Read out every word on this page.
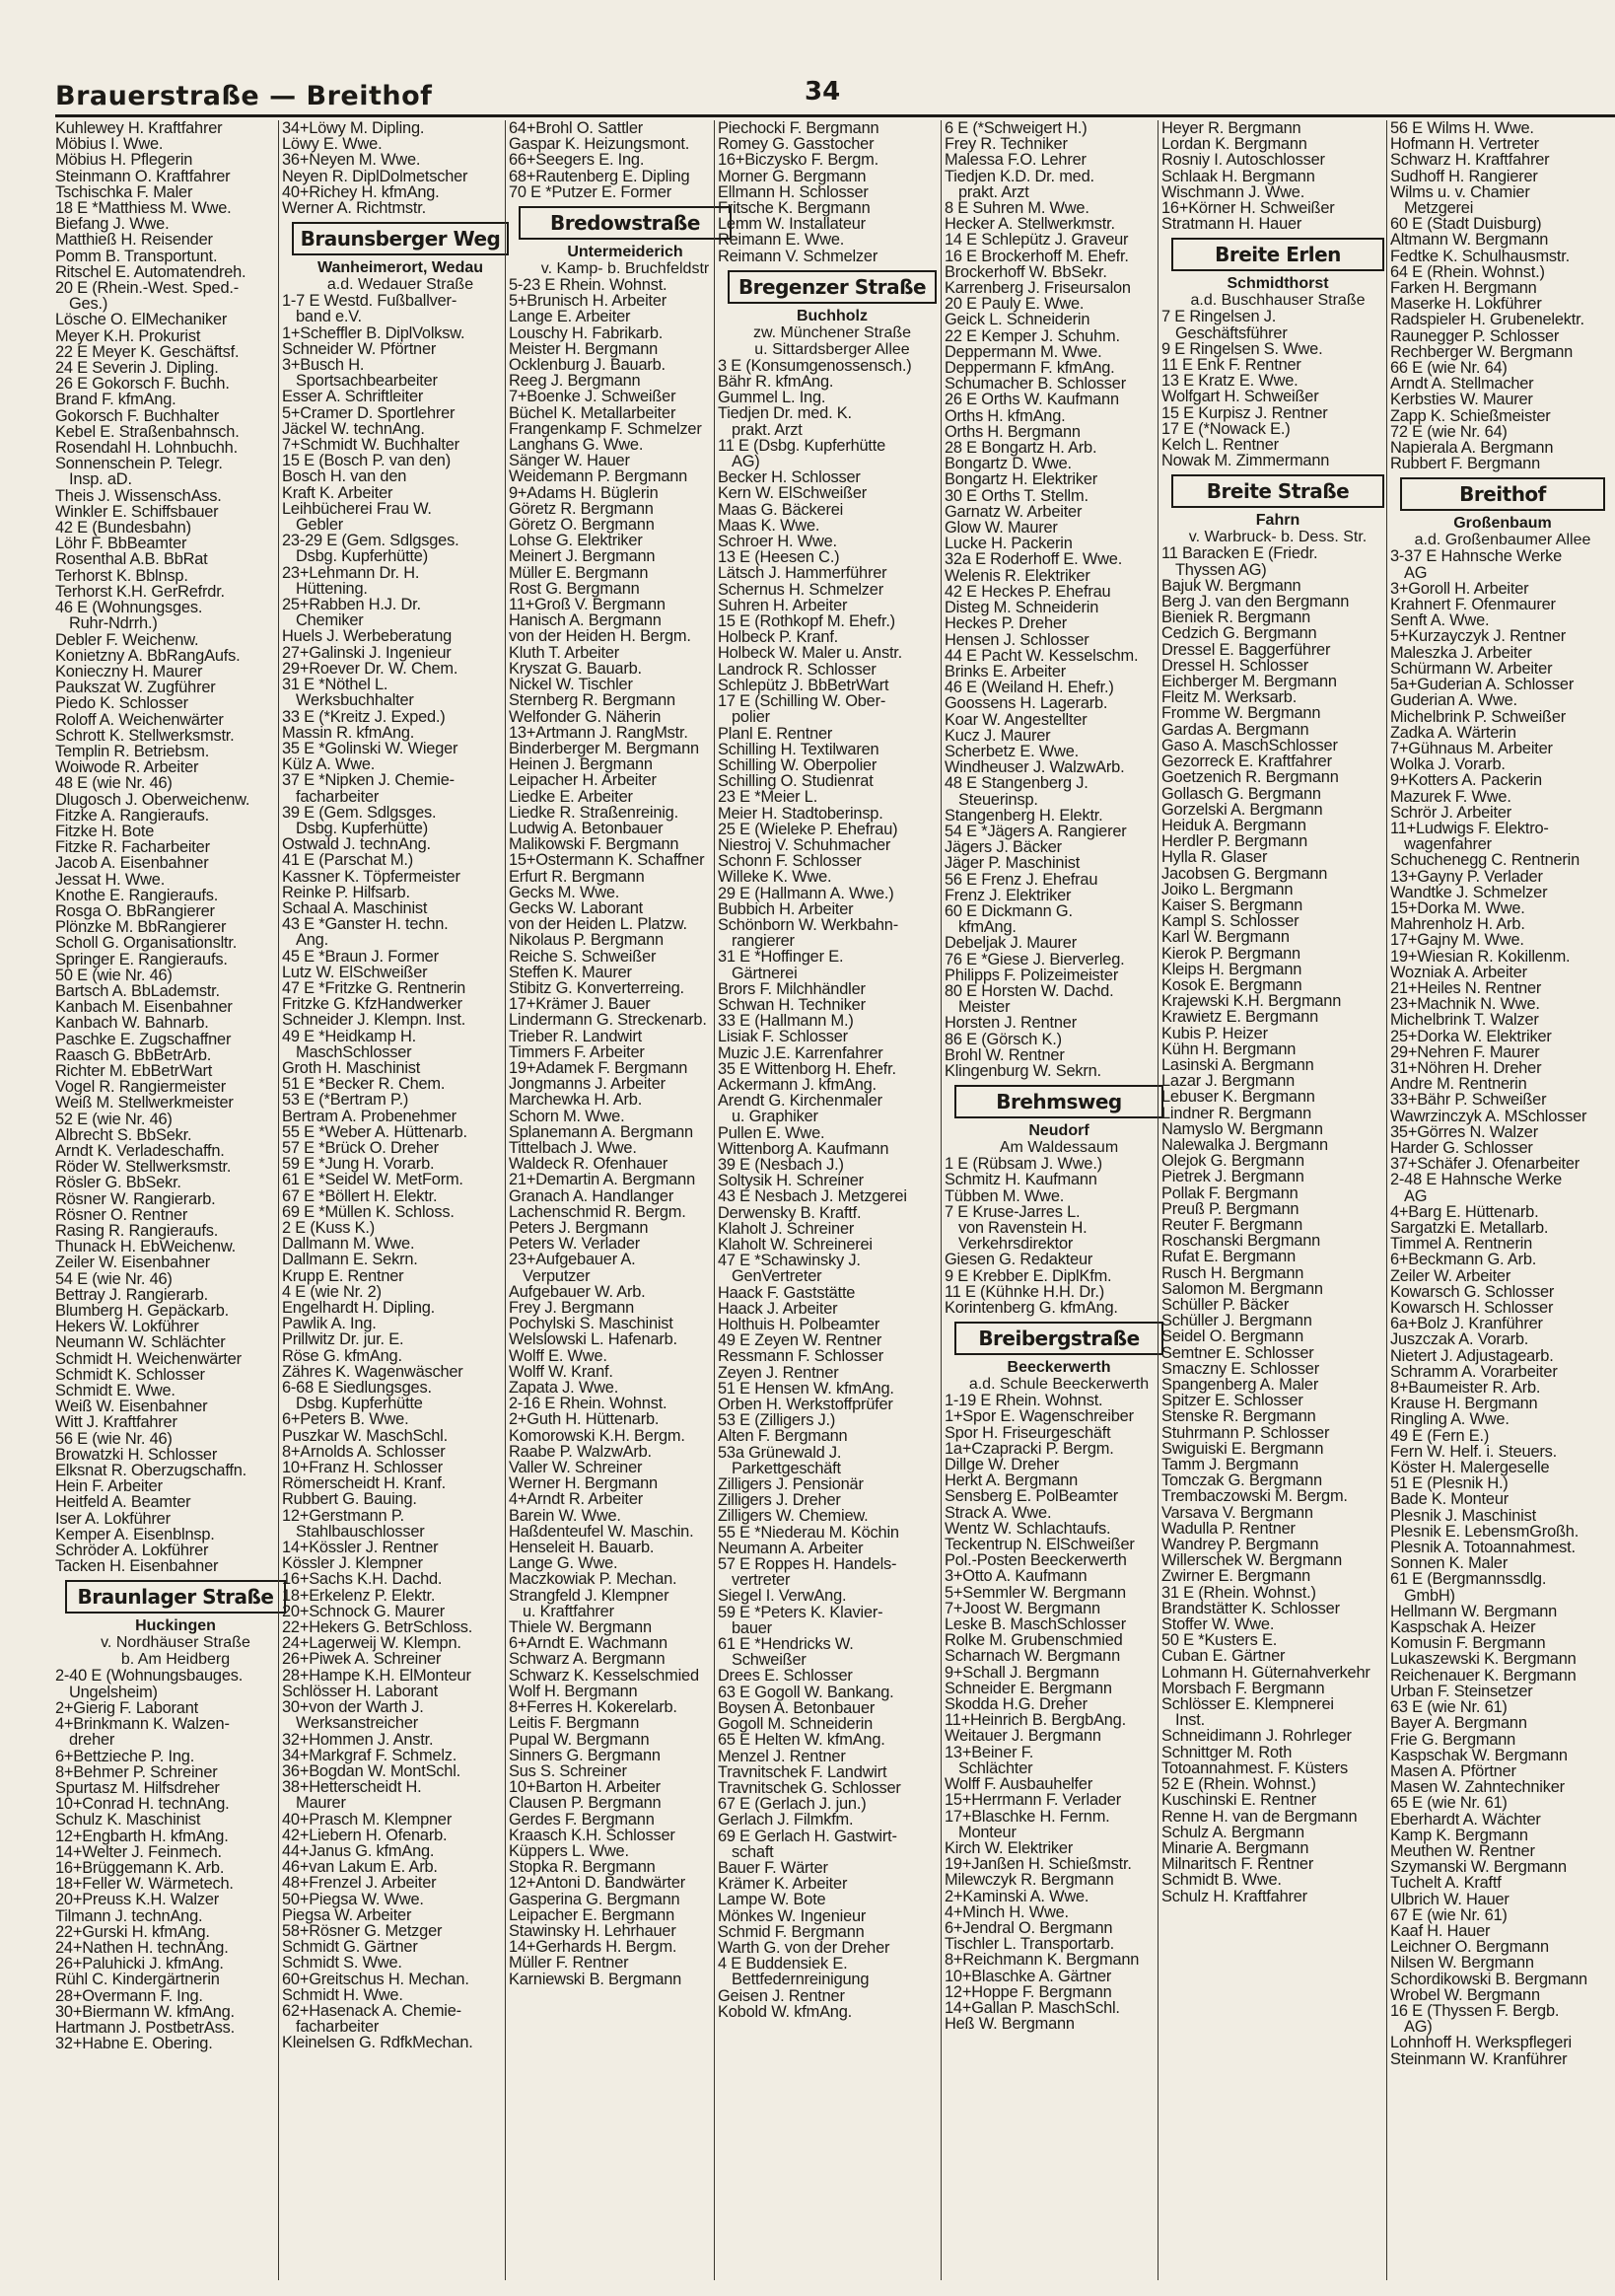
Brauerstraße — Breithof	34
Kuhlewey H. Kraftfahrer
Möbius I. Wwe.
Möbius H. Pflegerin
Steinmann O. Kraftfahrer
Tschischka F. Maler
18 E *Matthiess M. Wwe.
Biefang J. Wwe.
Matthieß H. Reisender
Pomm B. Transportunt.
Ritschel E. Automatendreh.
20 E (Rhein.-West. Sped.-
Ges.)
Lösche O. ElMechaniker
Meyer K.H. Prokurist
22 E Meyer K. Geschäftsf.
24 E Severin J. Dipling.
26 E Gokorsch F. Buchh.
Brand F. kfmAng.
Gokorsch F. Buchhalter
Kebel E. Straßenbahnsch.
Rosendahl H. Lohnbuchh.
Sonnenschein P. Telegr.
Insp. aD.
Theis J. WissenschAss.
Winkler E. Schiffsbauer
42 E (Bundesbahn)
Löhr F. BbBeamter
Rosenthal A.B. BbRat
Terhorst K. Bblnsp.
Terhorst K.H. GerRefrdr.
46 E (Wohnungsges.
Ruhr-Ndrrh.)
Debler F. Weichenw.
Konietzny A. BbRangAufs.
Konieczny H. Maurer
Paukszat W. Zugführer
Piedo K. Schlosser
Roloff A. Weichenwärter
Schrott K. Stellwerksmstr.
Templin R. Betriebsm.
Woiwode R. Arbeiter
48 E (wie Nr. 46)
Dlugosch J. Oberweichenw.
Fitzke A. Rangieraufs.
Fitzke H. Bote
Fitzke R. Facharbeiter
Jacob A. Eisenbahner
Jessat H. Wwe.
Knothe E. Rangieraufs.
Rosga O. BbRangierer
Plönzke M. BbRangierer
Scholl G. Organisationsltr.
Springer E. Rangieraufs.
50 E (wie Nr. 46)
Bartsch A. BbLademstr.
Kanbach M. Eisenbahner
Kanbach W. Bahnarb.
Paschke E. Zugschaffner
Raasch G. BbBetrArb.
Richter M. EbBetrWart
Vogel R. Rangiermeister
Weiß M. Stellwerkmeister
52 E (wie Nr. 46)
Albrecht S. BbSekr.
Arndt K. Verladeschaffn.
Röder W. Stellwerksmstr.
Rösler G. BbSekr.
Rösner W. Rangierarb.
Rösner O. Rentner
Rasing R. Rangieraufs.
Thunack H. EbWeichenw.
Zeiler W. Eisenbahner
54 E (wie Nr. 46)
Bettray J. Rangierarb.
Blumberg H. Gepäckarb.
Hekers W. Lokführer
Neumann W. Schlächter
Schmidt H. Weichenwärter
Schmidt K. Schlosser
Schmidt E. Wwe.
Weiß W. Eisenbahner
Witt J. Kraftfahrer
56 E (wie Nr. 46)
Browatzki H. Schlosser
Elksnat R. Oberzugschaffn.
Hein F. Arbeiter
Heitfeld A. Beamter
Iser A. Lokführer
Kemper A. Eisenblnsp.
Schröder A. Lokführer
Tacken H. Eisenbahner
Braunlager Straße
Huckingen
v. Nordhäuser Straße
b. Am Heidberg
2-40 E (Wohnungsbauges.
Ungelsheim)
2+Gierig F. Laborant
4+Brinkmann K. Walzen-
dreher
6+Bettzieche P. Ing.
8+Behmer P. Schreiner
Spurtasz M. Hilfsdreher
10+Conrad H. technAng.
Schulz K. Maschinist
12+Engbarth H. kfmAng.
14+Welter J. Feinmech.
16+Brüggemann K. Arb.
18+Feller W. Wärmetech.
20+Preuss K.H. Walzer
Tilmann J. technAng.
22+Gurski H. kfmAng.
24+Nathen H. technAng.
26+Paluhicki J. kfmAng.
Rühl C. Kindergärtnerin
28+Overmann F. Ing.
30+Biermann W. kfmAng.
Hartmann J. PostbetrAss.
32+Habne E. Obering.
34+Löwy M. Dipling.
Löwy E. Wwe.
36+Neyen M. Wwe.
Neyen R. DiplDolmetscher
40+Richey H. kfmAng.
Werner A. Richtmstr.
Braunsberger Weg
Wanheimerort, Wedau
a.d. Wedauer Straße
1-7 E Westd. Fußballver-
band e.V.
1+Scheffler B. DiplVolksw.
Schneider W. Pförtner
3+Busch H.
Sportsachbearbeiter
Esser A. Schriftleiter
5+Cramer D. Sportlehrer
Jäckel W. technAng.
7+Schmidt W. Buchhalter
15 E (Bosch P. van den)
Bosch H. van den
Kraft K. Arbeiter
Leihbücherei Frau W.
Gebler
23-29 E (Gem. Sdlgsges.
Dsbg. Kupferhütte)
23+Lehmann Dr. H.
Hüttening.
25+Rabben H.J. Dr.
Chemiker
Huels J. Werbeberatung
27+Galinski J. Ingenieur
29+Roever Dr. W. Chem.
31 E *Nöthel L.
Werksbuchhalter
33 E (*Kreitz J. Exped.)
Massin R. kfmAng.
35 E *Golinski W. Wieger
Külz A. Wwe.
37 E *Nipken J. Chemie-
facharbeiter
39 E (Gem. Sdlgsges.
Dsbg. Kupferhütte)
Ostwald J. technAng.
41 E (Parschat M.)
Kassner K. Töpfermeister
Reinke P. Hilfsarb.
Schaal A. Maschinist
43 E *Ganster H. techn.
Ang.
45 E *Braun J. Former
Lutz W. ElSchweißer
47 E *Fritzke G. Rentnerin
Fritzke G. KfzHandwerker
Schneider J. Klempn. Inst.
49 E *Heidkamp H.
MaschSchlosser
Groth H. Maschinist
51 E *Becker R. Chem.
53 E (*Bertram P.)
Bertram A. Probenehmer
55 E *Weber A. Hüttenarb.
57 E *Brück O. Dreher
59 E *Jung H. Vorarb.
61 E *Seidel W. MetForm.
67 E *Böllert H. Elektr.
69 E *Müllen K. Schloss.
2 E (Kuss K.)
Dallmann M. Wwe.
Dallmann E. Sekrn.
Krupp E. Rentner
4 E (wie Nr. 2)
Engelhardt H. Dipling.
Pawlik A. Ing.
Prillwitz Dr. jur. E.
Röse G. kfmAng.
Zähres K. Wagenwäscher
6-68 E Siedlungsges.
Dsbg. Kupferhütte
6+Peters B. Wwe.
Puszkar W. MaschSchl.
8+Arnolds A. Schlosser
10+Franz H. Schlosser
Römerscheidt H. Kranf.
Rubbert G. Bauing.
12+Gerstmann P.
Stahlbauschlosser
14+Kössler J. Rentner
Kössler J. Klempner
16+Sachs K.H. Dachd.
18+Erkelenz P. Elektr.
20+Schnock G. Maurer
22+Hekers G. BetrSchloss.
24+Lagerweij W. Klempn.
26+Piwek A. Schreiner
28+Hampe K.H. ElMonteur
Schlösser H. Laborant
30+von der Warth J.
Werksanstreicher
32+Hommen J. Anstr.
34+Markgraf F. Schmelz.
36+Bogdan W. MontSchl.
38+Hetterscheidt H.
Maurer
40+Prasch M. Klempner
42+Liebern H. Ofenarb.
44+Janus G. kfmAng.
46+van Lakum E. Arb.
48+Frenzel J. Arbeiter
50+Piegsa W. Wwe.
Piegsa W. Arbeiter
58+Rösner G. Metzger
Schmidt G. Gärtner
Schmidt S. Wwe.
60+Greitschus H. Mechan.
Schmidt H. Wwe.
62+Hasenack A. Chemie-
facharbeiter
Kleinelsen G. RdfkMechan.
64+Brohl O. Sattler
Gaspar K. Heizungsmont.
66+Seegers E. Ing.
68+Rautenberg E. Dipling
70 E *Putzer E. Former
Bredowstraße
Untermeiderich
v. Kamp- b. Bruchfeldstr
5-23 E Rhein. Wohnst.
5+Brunisch H. Arbeiter
Lange E. Arbeiter
Louschy H. Fabrikarb.
Meister H. Bergmann
Ocklenburg J. Bauarb.
Reeg J. Bergmann
7+Boenke J. Schweißer
Büchel K. Metallarbeiter
Frangenkamp F. Schmelzer
Langhans G. Wwe.
Sänger W. Hauer
Weidemann P. Bergmann
9+Adams H. Büglerin
Göretz R. Bergmann
Göretz O. Bergmann
Lohse G. Elektriker
Meinert J. Bergmann
Müller E. Bergmann
Rost G. Bergmann
11+Groß V. Bergmann
Hanisch A. Bergmann
von der Heiden H. Bergm.
Kluth T. Arbeiter
Kryszat G. Bauarb.
Nickel W. Tischler
Sternberg R. Bergmann
Welfonder G. Näherin
13+Artmann J. RangMstr.
Binderberger M. Bergmann
Heinen J. Bergmann
Leipacher H. Arbeiter
Liedke E. Arbeiter
Liedke R. Straßenreinig.
Ludwig A. Betonbauer
Malikowski F. Bergmann
15+Ostermann K. Schaffner
Erfurt R. Bergmann
Gecks M. Wwe.
Gecks W. Laborant
von der Heiden L. Platzw.
Nikolaus P. Bergmann
Reiche S. Schweißer
Steffen K. Maurer
Stibitz G. Konverterreing.
17+Krämer J. Bauer
Lindermann G. Streckenarb.
Trieber R. Landwirt
Timmers F. Arbeiter
19+Adamek F. Bergmann
Jongmanns J. Arbeiter
Marchewka H. Arb.
Schorn M. Wwe.
Splanemann A. Bergmann
Tittelbach J. Wwe.
Waldeck R. Ofenhauer
21+Demartin A. Bergmann
Granach A. Handlanger
Lachenschmid R. Bergm.
Peters J. Bergmann
Peters W. Verlader
23+Aufgebauer A.
Verputzer
Aufgebauer W. Arb.
Frey J. Bergmann
Pochylski S. Maschinist
Welslowski L. Hafenarb.
Wolff E. Wwe.
Wolff W. Kranf.
Zapata J. Wwe.
2-16 E Rhein. Wohnst.
2+Guth H. Hüttenarb.
Komorowski K.H. Bergm.
Raabe P. WalzwArb.
Valler W. Schreiner
Werner H. Bergmann
4+Arndt R. Arbeiter
Barein W. Wwe.
Haßdenteufel W. Maschin.
Henseleit H. Bauarb.
Lange G. Wwe.
Maczkowiak P. Mechan.
Strangfeld J. Klempner
u. Kraftfahrer
Thiele W. Bergmann
6+Arndt E. Wachmann
Schwarz A. Bergmann
Schwarz K. Kesselschmied
Wolf H. Bergmann
8+Ferres H. Kokerelarb.
Leitis F. Bergmann
Pupal W. Bergmann
Sinners G. Bergmann
Sus S. Schreiner
10+Barton H. Arbeiter
Clausen P. Bergmann
Gerdes F. Bergmann
Kraasch K.H. Schlosser
Küppers L. Wwe.
Stopka R. Bergmann
12+Antoni D. Bandwärter
Gasperina G. Bergmann
Leipacher E. Bergmann
Stawinsky H. Lehrhauer
14+Gerhards H. Bergm.
Müller F. Rentner
Karniewski B. Bergmann
Piechocki F. Bergmann
Romey G. Gasstocher
16+Biczysko F. Bergm.
Morner G. Bergmann
Ellmann H. Schlosser
Fritsche K. Bergmann
Lemm W. Installateur
Reimann E. Wwe.
Reimann V. Schmelzer
Bregenzer Straße
Buchholz
zw. Münchener Straße
u. Sittardsberger Allee
3 E (Konsumgenossensch.)
Bähr R. kfmAng.
Gummel L. Ing.
Tiedjen Dr. med. K.
prakt. Arzt
11 E (Dsbg. Kupferhütte
AG)
Becker H. Schlosser
Kern W. ElSchweißer
Maas G. Bäckerei
Maas K. Wwe.
Schroer H. Wwe.
13 E (Heesen C.)
Lätsch J. Hammerführer
Schernus H. Schmelzer
Suhren H. Arbeiter
15 E (Rothkopf M. Ehefr.)
Holbeck P. Kranf.
Holbeck W. Maler u. Anstr.
Landrock R. Schlosser
Schlepütz J. BbBetrWart
17 E (Schilling W. Ober-
polier
Planl E. Rentner
Schilling H. Textilwaren
Schilling W. Oberpolier
Schilling O. Studienrat
23 E *Meier L.
Meier H. Stadtoberinsp.
25 E (Wieleke P. Ehefrau)
Niestroj V. Schuhmacher
Schonn F. Schlosser
Willeke K. Wwe.
29 E (Hallmann A. Wwe.)
Bubbich H. Arbeiter
Schönborn W. Werkbahn-
rangierer
31 E *Hoffinger E.
Gärtnerei
Brors F. Milchhändler
Schwan H. Techniker
33 E (Hallmann M.)
Lisiak F. Schlosser
Muzic J.E. Karrenfahrer
35 E Wittenborg H. Ehefr.
Ackermann J. kfmAng.
Arendt G. Kirchenmaler
u. Graphiker
Pullen E. Wwe.
Wittenborg A. Kaufmann
39 E (Nesbach J.)
Soltysik H. Schreiner
43 E Nesbach J. Metzgerei
Derwensky B. Kraftf.
Klaholt J. Schreiner
Klaholt W. Schreinerei
47 E *Schawinsky J.
GenVertreter
Haack F. Gaststätte
Haack J. Arbeiter
Holthuis H. Polbeamter
49 E Zeyen W. Rentner
Ressmann F. Schlosser
Zeyen J. Rentner
51 E Hensen W. kfmAng.
Orben H. Werkstoffprüfer
53 E (Zilligers J.)
Alten F. Bergmann
53a Grünewald J.
Parkettgeschäft
Zilligers J. Pensionär
Zilligers J. Dreher
Zilligers W. Chemiew.
55 E *Niederau M. Köchin
Neumann A. Arbeiter
57 E Roppes H. Handels-
vertreter
Siegel I. VerwAng.
59 E *Peters K. Klavier-
bauer
61 E *Hendricks W.
Schweißer
Drees E. Schlosser
63 E Gogoll W. Bankang.
Boysen A. Betonbauer
Gogoll M. Schneiderin
65 E Helten W. kfmAng.
Menzel J. Rentner
Travnitschek F. Landwirt
Travnitschek G. Schlosser
67 E (Gerlach J. jun.)
Gerlach J. Filmkfm.
69 E Gerlach H. Gastwirt-
schaft
Bauer F. Wärter
Krämer K. Arbeiter
Lampe W. Bote
Mönkes W. Ingenieur
Schmid F. Bergmann
Warth G. von der Dreher
4 E Buddensiek E.
Bettfedernreinigung
Geisen J. Rentner
Kobold W. kfmAng.
6 E (*Schweigert H.)
Frey R. Techniker
Malessa F.O. Lehrer
Tiedjen K.D. Dr. med.
prakt. Arzt
8 E Suhren M. Wwe.
Hecker A. Stellwerkmstr.
14 E Schlepütz J. Graveur
16 E Brockerhoff M. Ehefr.
Brockerhoff W. BbSekr.
Karrenberg J. Friseursalon
20 E Pauly E. Wwe.
Geick L. Schneiderin
22 E Kemper J. Schuhm.
Deppermann M. Wwe.
Deppermann F. kfmAng.
Schumacher B. Schlosser
26 E Orths W. Kaufmann
Orths H. kfmAng.
Orths H. Bergmann
28 E Bongartz H. Arb.
Bongartz D. Wwe.
Bongartz H. Elektriker
30 E Orths T. Stellm.
Garnatz W. Arbeiter
Glow W. Maurer
Lucke H. Packerin
32a E Roderhoff E. Wwe.
Welenis R. Elektriker
42 E Heckes P. Ehefrau
Disteg M. Schneiderin
Heckes P. Dreher
Hensen J. Schlosser
44 E Pacht W. Kesselschm.
Brinks E. Arbeiter
46 E (Weiland H. Ehefr.)
Goossens H. Lagerarb.
Koar W. Angestellter
Kucz J. Maurer
Scherbetz E. Wwe.
Windheuser J. WalzwArb.
48 E Stangenberg J.
Steuerinsp.
Stangenberg H. Elektr.
54 E *Jägers A. Rangierer
Jägers J. Bäcker
Jäger P. Maschinist
56 E Frenz J. Ehefrau
Frenz J. Elektriker
60 E Dickmann G.
kfmAng.
Debeljak J. Maurer
76 E *Giese J. Bierverleg.
Philipps F. Polizeimeister
80 E Horsten W. Dachd.
Meister
Horsten J. Rentner
86 E (Görsch K.)
Brohl W. Rentner
Klingenburg W. Sekrn.
Brehmsweg
Neudorf
Am Waldessaum
1 E (Rübsam J. Wwe.)
Schmitz H. Kaufmann
Tübben M. Wwe.
7 E Kruse-Jarres L.
von Ravenstein H.
Verkehrsdirektor
Giesen G. Redakteur
9 E Krebber E. DiplKfm.
11 E (Kühnke H.H. Dr.)
Korintenberg G. kfmAng.
Breibergstraße
Beeckerwerth
a.d. Schule Beeckerwerth
1-19 E Rhein. Wohnst.
1+Spor E. Wagenschreiber
Spor H. Friseurgeschäft
1a+Czapracki P. Bergm.
Dillge W. Dreher
Herkt A. Bergmann
Sensberg E. PolBeamter
Strack A. Wwe.
Wentz W. Schlachtaufs.
Teckentrup N. ElSchweißer
Pol.-Posten Beeckerwerth
3+Otto A. Kaufmann
5+Semmler W. Bergmann
7+Joost W. Bergmann
Leske B. MaschSchlosser
Rolke M. Grubenschmied
Scharnach W. Bergmann
9+Schall J. Bergmann
Schneider E. Bergmann
Skodda H.G. Dreher
11+Heinrich B. BergbAng.
Weitauer J. Bergmann
13+Beiner F.
Schlächter
Wolff F. Ausbauhelfer
15+Herrmann F. Verlader
17+Blaschke H. Fernm.
Monteur
Kirch W. Elektriker
19+Janßen H. Schießmstr.
Milewczyk R. Bergmann
2+Kaminski A. Wwe.
4+Minch H. Wwe.
6+Jendral O. Bergmann
Tischler L. Transportarb.
8+Reichmann K. Bergmann
10+Blaschke A. Gärtner
12+Hoppe F. Bergmann
14+Gallan P. MaschSchl.
Heß W. Bergmann
Heyer R. Bergmann
Lordan K. Bergmann
Rosniy I. Autoschlosser
Schlaak H. Bergmann
Wischmann J. Wwe.
16+Körner H. Schweißer
Stratmann H. Hauer
Breite Erlen
Schmidthorst
a.d. Buschhauser Straße
7 E Ringelsen J.
Geschäftsführer
9 E Ringelsen S. Wwe.
11 E Enk F. Rentner
13 E Kratz E. Wwe.
Wolfgart H. Schweißer
15 E Kurpisz J. Rentner
17 E (*Nowack E.)
Kelch L. Rentner
Nowak M. Zimmermann
Breite Straße
Fahrn
v. Warbruck- b. Dess. Str.
11 Baracken E (Friedr.
Thyssen AG)
Bajuk W. Bergmann
Berg J. van den Bergmann
Bieniek R. Bergmann
Cedzich G. Bergmann
Dressel E. Baggerführer
Dressel H. Schlosser
Eichberger M. Bergmann
Fleitz M. Werksarb.
Fromme W. Bergmann
Gardas A. Bergmann
Gaso A. MaschSchlosser
Gezorreck E. Kraftfahrer
Goetzenich R. Bergmann
Gollasch G. Bergmann
Gorzelski A. Bergmann
Heiduk A. Bergmann
Herdler P. Bergmann
Hylla R. Glaser
Jacobsen G. Bergmann
Joiko L. Bergmann
Kaiser S. Bergmann
Kampl S. Schlosser
Karl W. Bergmann
Kierok P. Bergmann
Kleips H. Bergmann
Kosok E. Bergmann
Krajewski K.H. Bergmann
Krawietz E. Bergmann
Kubis P. Heizer
Kühn H. Bergmann
Lasinski A. Bergmann
Lazar J. Bergmann
Lebuser K. Bergmann
Lindner R. Bergmann
Namyslo W. Bergmann
Nalewalka J. Bergmann
Olejok G. Bergmann
Pietrek J. Bergmann
Pollak F. Bergmann
Preuß P. Bergmann
Reuter F. Bergmann
Roschanski Bergmann
Rufat E. Bergmann
Rusch H. Bergmann
Salomon M. Bergmann
Schüller P. Bäcker
Schüller J. Bergmann
Seidel O. Bergmann
Semtner E. Schlosser
Smaczny E. Schlosser
Spangenberg A. Maler
Spitzer E. Schlosser
Stenske R. Bergmann
Stuhrmann P. Schlosser
Swiguiski E. Bergmann
Tamm J. Bergmann
Tomczak G. Bergmann
Trembaczowski M. Bergm.
Varsava V. Bergmann
Wadulla P. Rentner
Wandrey P. Bergmann
Willerschek W. Bergmann
Zwirner E. Bergmann
31 E (Rhein. Wohnst.)
Brandstätter K. Schlosser
Stoffer W. Wwe.
50 E *Kusters E.
Cuban E. Gärtner
Lohmann H. Güternahverkehr
Morsbach F. Bergmann
Schlösser E. Klempnerei
Inst.
Schneidimann J. Rohrleger
Schnittger M. Roth
Totoannahmest. F. Küsters
52 E (Rhein. Wohnst.)
Kuschinski E. Rentner
Renne H. van de Bergmann
Schulz A. Bergmann
Minarie A. Bergmann
Milnaritsch F. Rentner
Schmidt B. Wwe.
Schulz H. Kraftfahrer
56 E Wilms H. Wwe.
Hofmann H. Vertreter
Schwarz H. Kraftfahrer
Sudhoff H. Rangierer
Wilms u. v. Chamier
Metzgerei
60 E (Stadt Duisburg)
Altmann W. Bergmann
Fedtke K. Schulhausmstr.
64 E (Rhein. Wohnst.)
Farken H. Bergmann
Maserke H. Lokführer
Radspieler H. Grubenelektr.
Raunegger P. Schlosser
Rechberger W. Bergmann
66 E (wie Nr. 64)
Arndt A. Stellmacher
Kerbsties W. Maurer
Zapp K. Schießmeister
72 E (wie Nr. 64)
Napierala A. Bergmann
Rubbert F. Bergmann
Breithof
Großenbaum
a.d. Großenbaumer Allee
3-37 E Hahnsche Werke
AG
3+Goroll H. Arbeiter
Krahnert F. Ofenmaurer
Senft A. Wwe.
5+Kurzayczyk J. Rentner
Maleszka J. Arbeiter
Schürmann W. Arbeiter
5a+Guderian A. Schlosser
Guderian A. Wwe.
Michelbrink P. Schweißer
Zadka A. Wärterin
7+Gühnaus M. Arbeiter
Wolka J. Vorarb.
9+Kotters A. Packerin
Mazurek F. Wwe.
Schrör J. Arbeiter
11+Ludwigs F. Elektro-
wagenfahrer
Schuchenegg C. Rentnerin
13+Gayny P. Verlader
Wandtke J. Schmelzer
15+Dorka M. Wwe.
Mahrenholz H. Arb.
17+Gajny M. Wwe.
19+Wiesian R. Kokillenm.
Wozniak A. Arbeiter
21+Heiles N. Rentner
23+Machnik N. Wwe.
Michelbrink T. Walzer
25+Dorka W. Elektriker
29+Nehren F. Maurer
31+Nöhren H. Dreher
Andre M. Rentnerin
33+Bähr P. Schweißer
Wawrzinczyk A. MSchlosser
35+Görres N. Walzer
Harder G. Schlosser
37+Schäfer J. Ofenarbeiter
2-48 E Hahnsche Werke
AG
4+Barg E. Hüttenarb.
Sargatzki E. Metallarb.
Timmel A. Rentnerin
6+Beckmann G. Arb.
Zeiler W. Arbeiter
Kowarsch G. Schlosser
Kowarsch H. Schlosser
6a+Bolz J. Kranführer
Juszczak A. Vorarb.
Nietert J. Adjustagearb.
Schramm A. Vorarbeiter
8+Baumeister R. Arb.
Krause H. Bergmann
Ringling A. Wwe.
49 E (Fern E.)
Fern W. Helf. i. Steuers.
Köster H. Malergeselle
51 E (Plesnik H.)
Bade K. Monteur
Plesnik J. Maschinist
Plesnik E. LebensmGroßh.
Plesnik A. Totoannahmest.
Sonnen K. Maler
61 E (Bergmannssdlg.
GmbH)
Hellmann W. Bergmann
Kaspschak A. Heizer
Komusin F. Bergmann
Lukaszewski K. Bergmann
Reichenauer K. Bergmann
Urban F. Steinsetzer
63 E (wie Nr. 61)
Bayer A. Bergmann
Frie G. Bergmann
Kaspschak W. Bergmann
Masen A. Pförtner
Masen W. Zahntechniker
65 E (wie Nr. 61)
Eberhardt A. Wächter
Kamp K. Bergmann
Meuthen W. Rentner
Szymanski W. Bergmann
Tuchelt A. Kraftf
Ulbrich W. Hauer
67 E (wie Nr. 61)
Kaaf H. Hauer
Leichner O. Bergmann
Nilsen W. Bergmann
Schordikowski B. Bergmann
Wrobel W. Bergmann
16 E (Thyssen F. Bergb.
AG)
Lohnhoff H. Werkspflegeri
Steinmann W. Kranführer
